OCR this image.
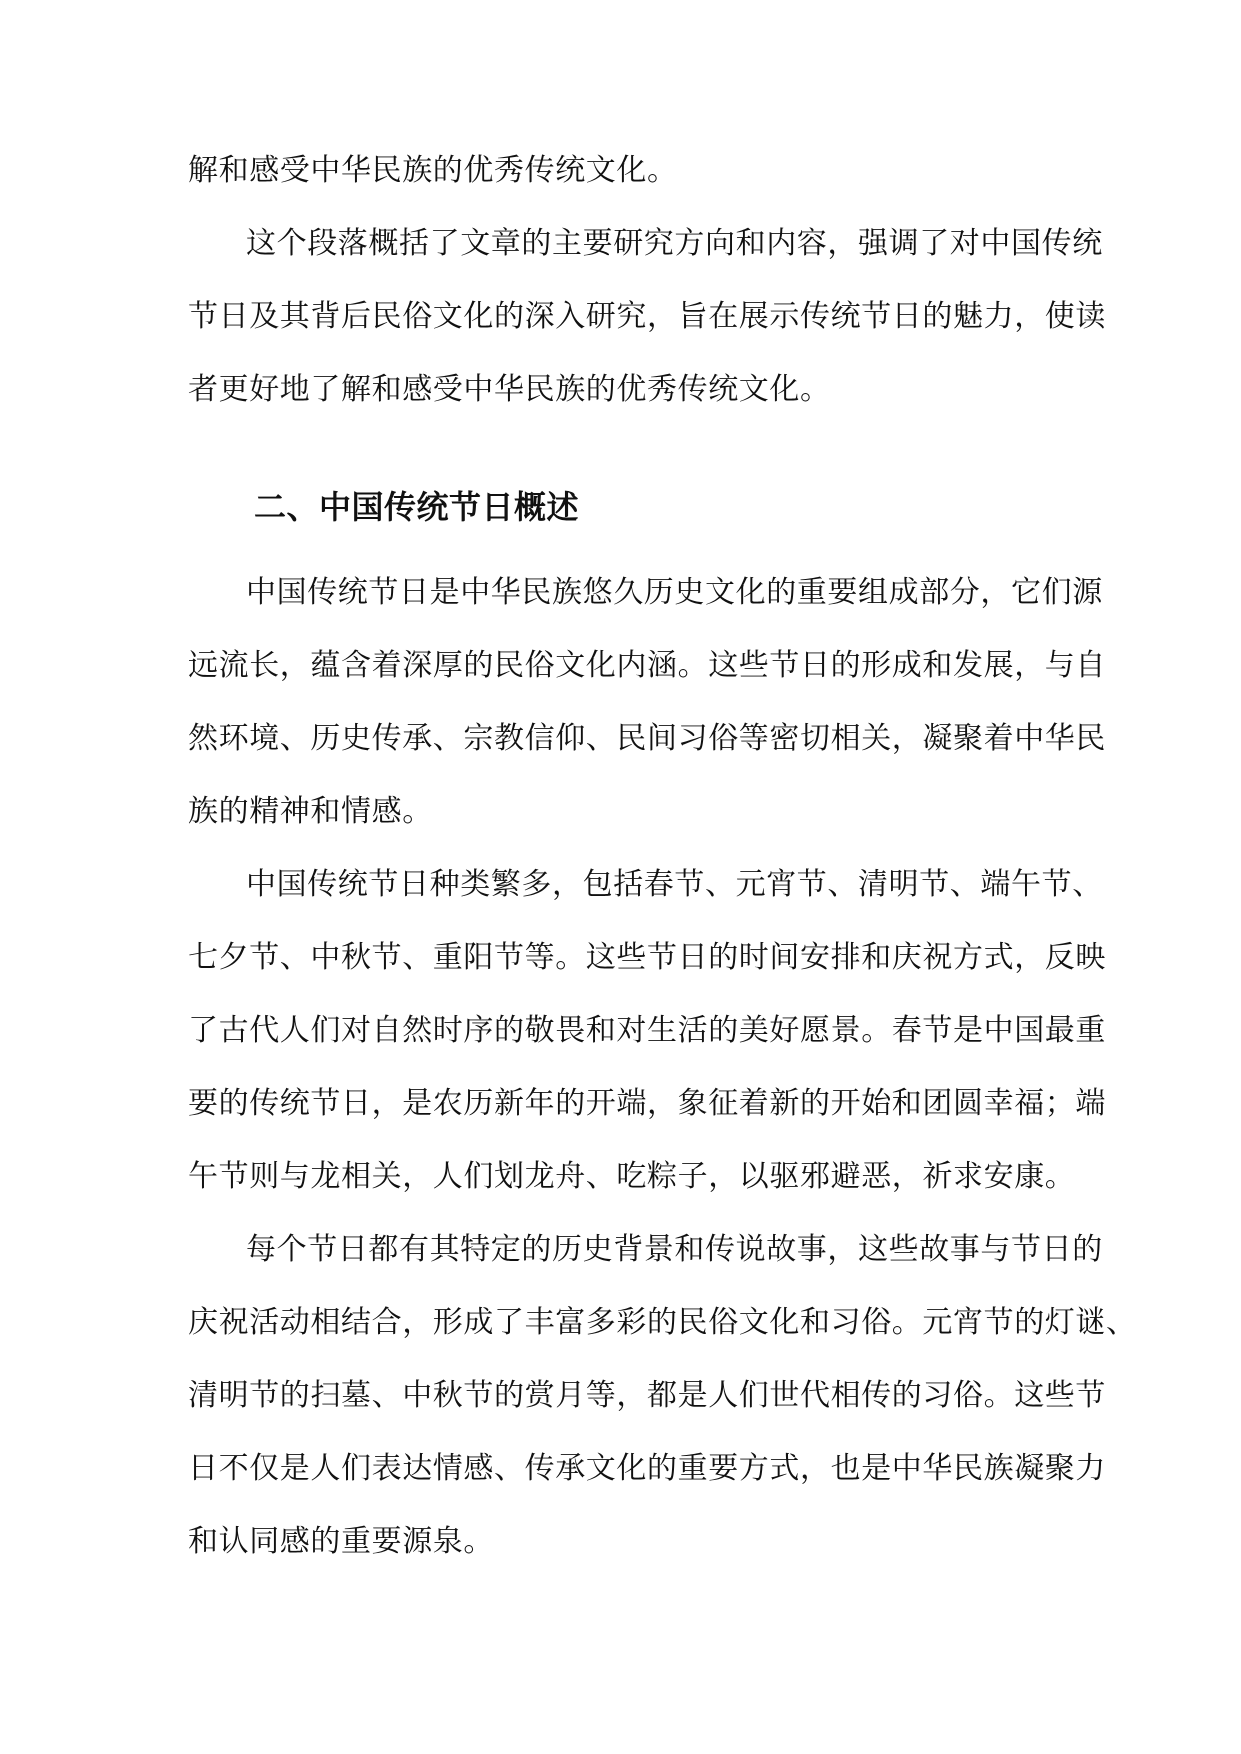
解和感受中华民族的优秀传统文化。
这个段落概括了文章的主要研究方向和内容，强调了对中国传统
节日及其背后民俗文化的深入研究，旨在展示传统节日的魅力，使读
者更好地了解和感受中华民族的优秀传统文化。
二、中国传统节日概述
中国传统节日是中华民族悠久历史文化的重要组成部分，它们源
远流长，蕴含着深厚的民俗文化内涵。这些节日的形成和发展，与自
然环境、历史传承、宗教信仰、民间习俗等密切相关，凝聚着中华民
族的精神和情感。
中国传统节日种类繁多，包括春节、元宵节、清明节、端午节、
七夕节、中秋节、重阳节等。这些节日的时间安排和庆祝方式，反映
了古代人们对自然时序的敬畏和对生活的美好愿景。春节是中国最重
要的传统节日，是农历新年的开端，象征着新的开始和团圆幸福；端
午节则与龙相关，人们划龙舟、吃粽子，以驱邪避恶，祈求安康。
每个节日都有其特定的历史背景和传说故事，这些故事与节日的
庆祝活动相结合，形成了丰富多彩的民俗文化和习俗。元宵节的灯谜、
清明节的扫墓、中秋节的赏月等，都是人们世代相传的习俗。这些节
日不仅是人们表达情感、传承文化的重要方式，也是中华民族凝聚力
和认同感的重要源泉。
